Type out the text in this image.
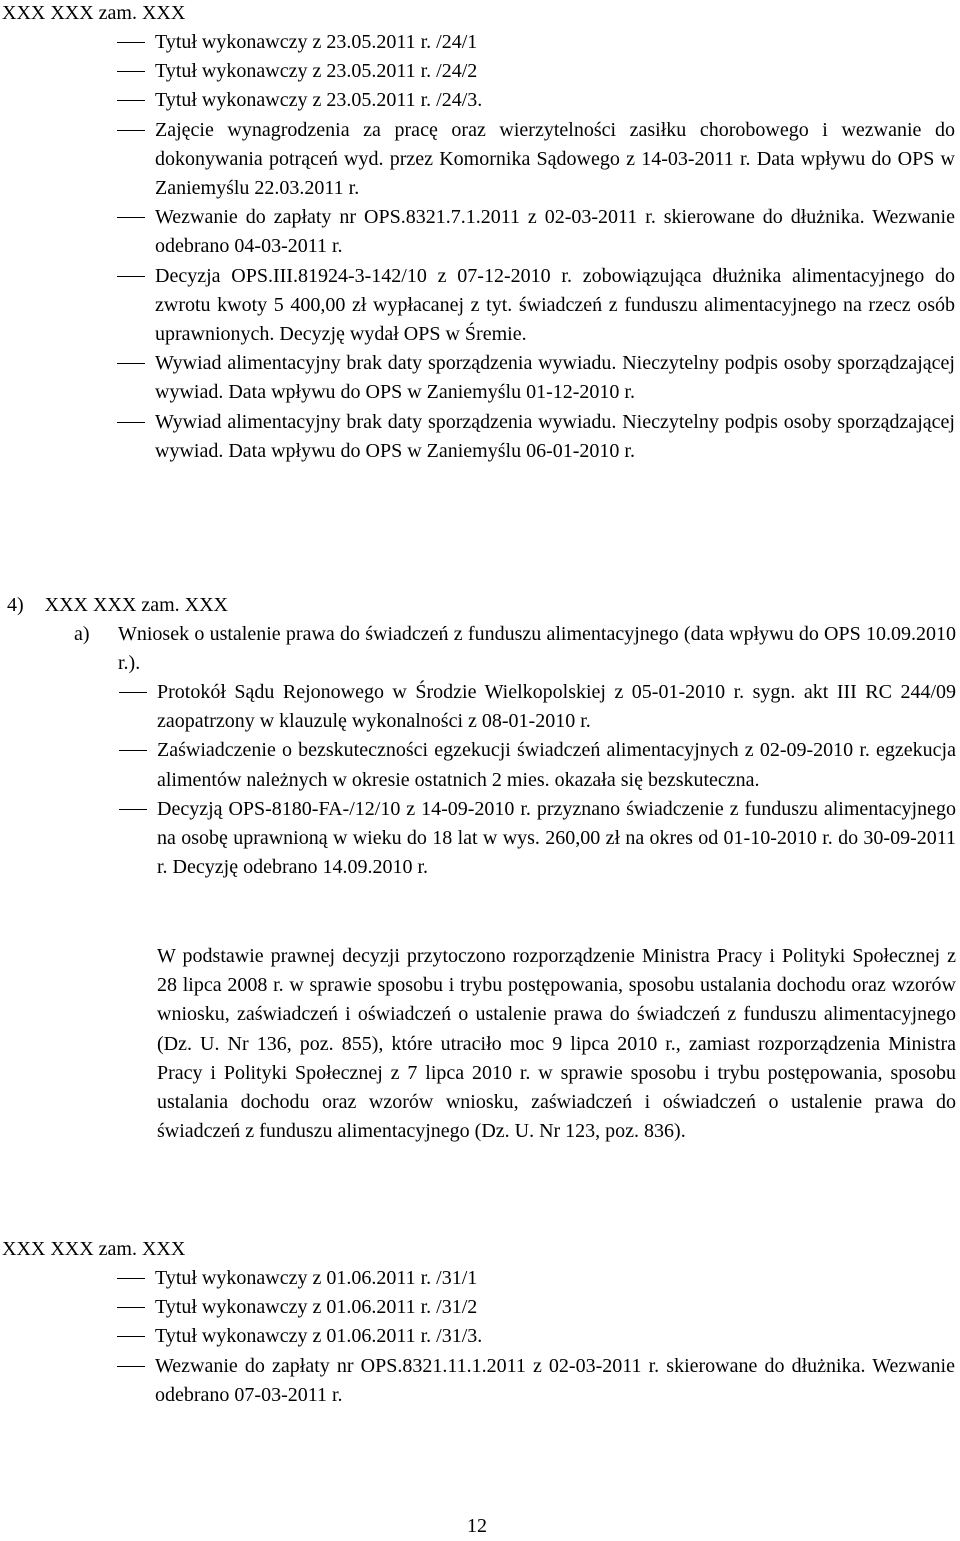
XXX XXX zam. XXX
Tytuł wykonawczy z 23.05.2011 r. /24/1
Tytuł wykonawczy z 23.05.2011 r. /24/2
Tytuł wykonawczy z 23.05.2011 r. /24/3.
Zajęcie wynagrodzenia za pracę oraz wierzytelności zasiłku chorobowego i wezwanie do dokonywania potrąceń wyd. przez Komornika Sądowego z 14-03-2011 r. Data wpływu do OPS w Zaniemyślu 22.03.2011 r.
Wezwanie do zapłaty nr OPS.8321.7.1.2011 z 02-03-2011 r. skierowane do dłużnika. Wezwanie odebrano 04-03-2011 r.
Decyzja OPS.III.81924-3-142/10 z 07-12-2010 r. zobowiązująca dłużnika alimentacyjnego do zwrotu kwoty 5 400,00 zł wypłacanej z tyt. świadczeń z funduszu alimentacyjnego na rzecz osób uprawnionych. Decyzję wydał OPS w Śremie.
Wywiad alimentacyjny brak daty sporządzenia wywiadu. Nieczytelny podpis osoby sporządzającej wywiad. Data wpływu do OPS w Zaniemyślu 01-12-2010 r.
Wywiad alimentacyjny brak daty sporządzenia wywiadu. Nieczytelny podpis osoby sporządzającej wywiad. Data wpływu do OPS w Zaniemyślu 06-01-2010 r.
4) XXX XXX zam. XXX
a)	Wniosek o ustalenie prawa do świadczeń z funduszu alimentacyjnego (data wpływu do OPS 10.09.2010 r.).
Protokół Sądu Rejonowego w Środzie Wielkopolskiej z 05-01-2010 r. sygn. akt III RC 244/09 zaopatrzony w klauzulę wykonalności z 08-01-2010 r.
Zaświadczenie o bezskuteczności egzekucji świadczeń alimentacyjnych z 02-09-2010 r. egzekucja alimentów należnych w okresie ostatnich 2 mies. okazała się bezskuteczna.
Decyzją OPS-8180-FA-/12/10 z 14-09-2010 r. przyznano świadczenie z funduszu alimentacyjnego na osobę uprawnioną w wieku do 18 lat w wys. 260,00 zł na okres od 01-10-2010 r. do 30-09-2011 r. Decyzję odebrano 14.09.2010 r.
W podstawie prawnej decyzji przytoczono rozporządzenie Ministra Pracy i Polityki Społecznej z 28 lipca 2008 r. w sprawie sposobu i trybu postępowania, sposobu ustalania dochodu oraz wzorów wniosku, zaświadczeń i oświadczeń o ustalenie prawa do świadczeń z funduszu alimentacyjnego (Dz. U. Nr 136, poz. 855), które utraciło moc 9 lipca 2010 r., zamiast rozporządzenia Ministra Pracy i Polityki Społecznej z 7 lipca 2010 r. w sprawie sposobu i trybu postępowania, sposobu ustalania dochodu oraz wzorów wniosku, zaświadczeń i oświadczeń o ustalenie prawa do świadczeń z funduszu alimentacyjnego (Dz. U. Nr 123, poz. 836).
XXX XXX zam. XXX
Tytuł wykonawczy z 01.06.2011 r. /31/1
Tytuł wykonawczy z 01.06.2011 r. /31/2
Tytuł wykonawczy z 01.06.2011 r. /31/3.
Wezwanie do zapłaty nr OPS.8321.11.1.2011 z 02-03-2011 r. skierowane do dłużnika. Wezwanie odebrano 07-03-2011 r.
12
